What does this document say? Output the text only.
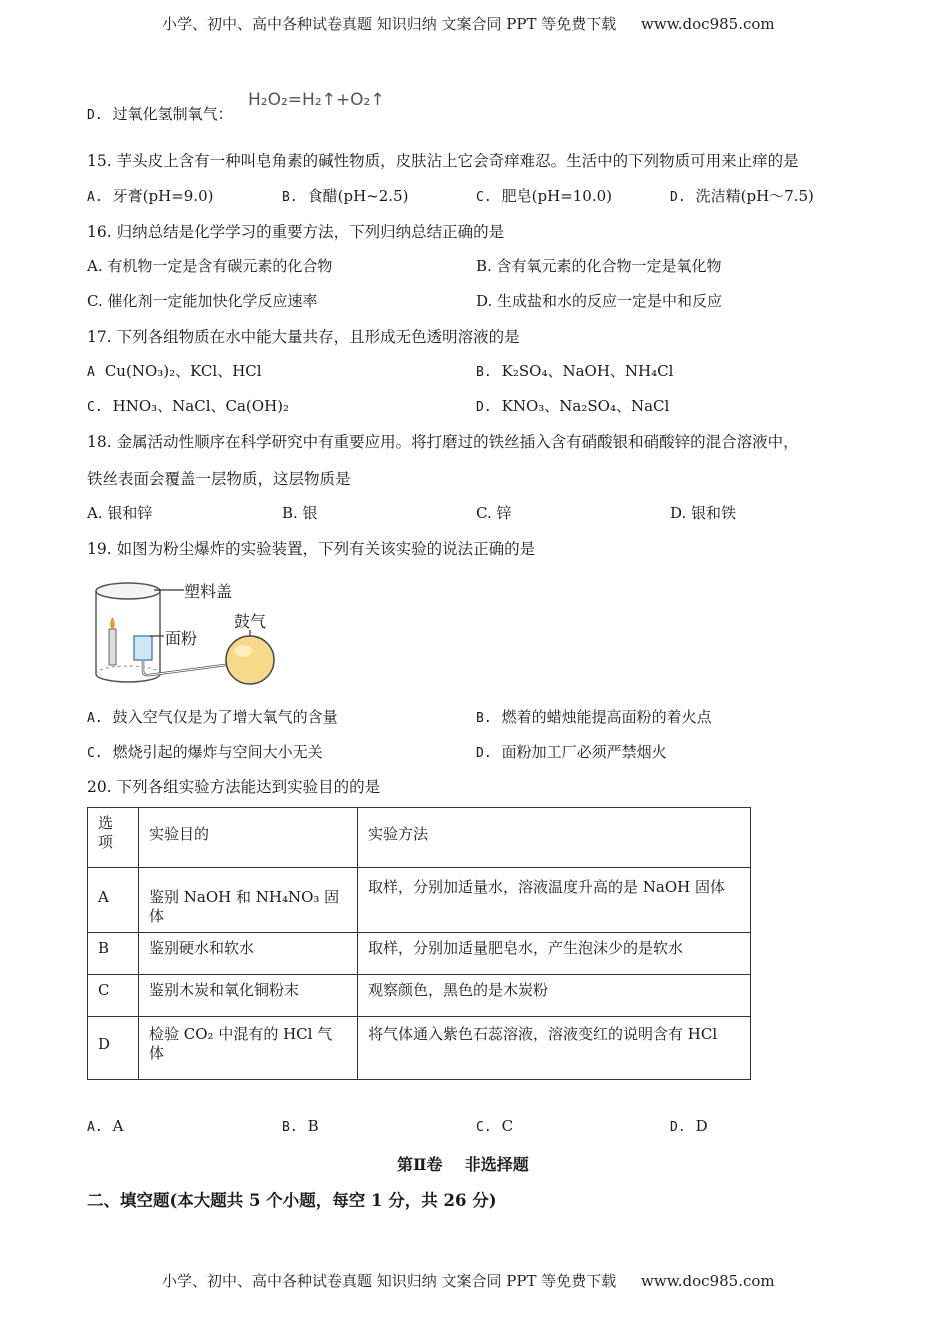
小学、初中、高中各种试卷真题 知识归纳 文案合同 PPT 等免费下载 www.doc985.com
D. 过氧化氢制氧气：
H₂O₂=H₂↑+O₂↑
15. 芋头皮上含有一种叫皂角素的碱性物质，皮肤沾上它会奇痒难忍。生活中的下列物质可用来止痒的是
A. 牙膏(pH=9.0)	B. 食醋(pH~2.5)	C. 肥皂(pH=10.0)	D. 洗洁精(pH～7.5)
16. 归纳总结是化学学习的重要方法，下列归纳总结正确的是
A. 有机物一定是含有碳元素的化合物	B. 含有氧元素的化合物一定是氧化物
C. 催化剂一定能加快化学反应速率	D. 生成盐和水的反应一定是中和反应
17. 下列各组物质在水中能大量共存，且形成无色透明溶液的是
A Cu(NO₃)₂、KCl、HCl	B. K₂SO₄、NaOH、NH₄Cl
C. HNO₃、NaCl、Ca(OH)₂	D. KNO₃、Na₂SO₄、NaCl
18. 金属活动性顺序在科学研究中有重要应用。将打磨过的铁丝插入含有硝酸银和硝酸锌的混合溶液中，
铁丝表面会覆盖一层物质，这层物质是
A. 银和锌	B. 银	C. 锌	D. 银和铁
19. 如图为粉尘爆炸的实验装置，下列有关该实验的说法正确的是
塑料盖
鼓气
面粉
A. 鼓入空气仅是为了增大氧气的含量	B. 燃着的蜡烛能提高面粉的着火点
C. 燃烧引起的爆炸与空间大小无关	D. 面粉加工厂必须严禁烟火
20. 下列各组实验方法能达到实验目的的是
选
项	实验目的	实验方法
A	鉴别 NaOH 和 NH₄NO₃ 固体	取样，分别加适量水，溶液温度升高的是 NaOH 固体
B	鉴别硬水和软水	取样，分别加适量肥皂水，产生泡沫少的是软水
C	鉴别木炭和氧化铜粉末	观察颜色，黑色的是木炭粉
D	检验 CO₂ 中混有的 HCl 气体	将气体通入紫色石蕊溶液，溶液变红的说明含有 HCl
A. A	B. B	C. C	D. D
第Ⅱ卷    非选择题
二、填空题(本大题共 5 个小题，每空 1 分，共 26 分)
小学、初中、高中各种试卷真题 知识归纳 文案合同 PPT 等免费下载 www.doc985.com
